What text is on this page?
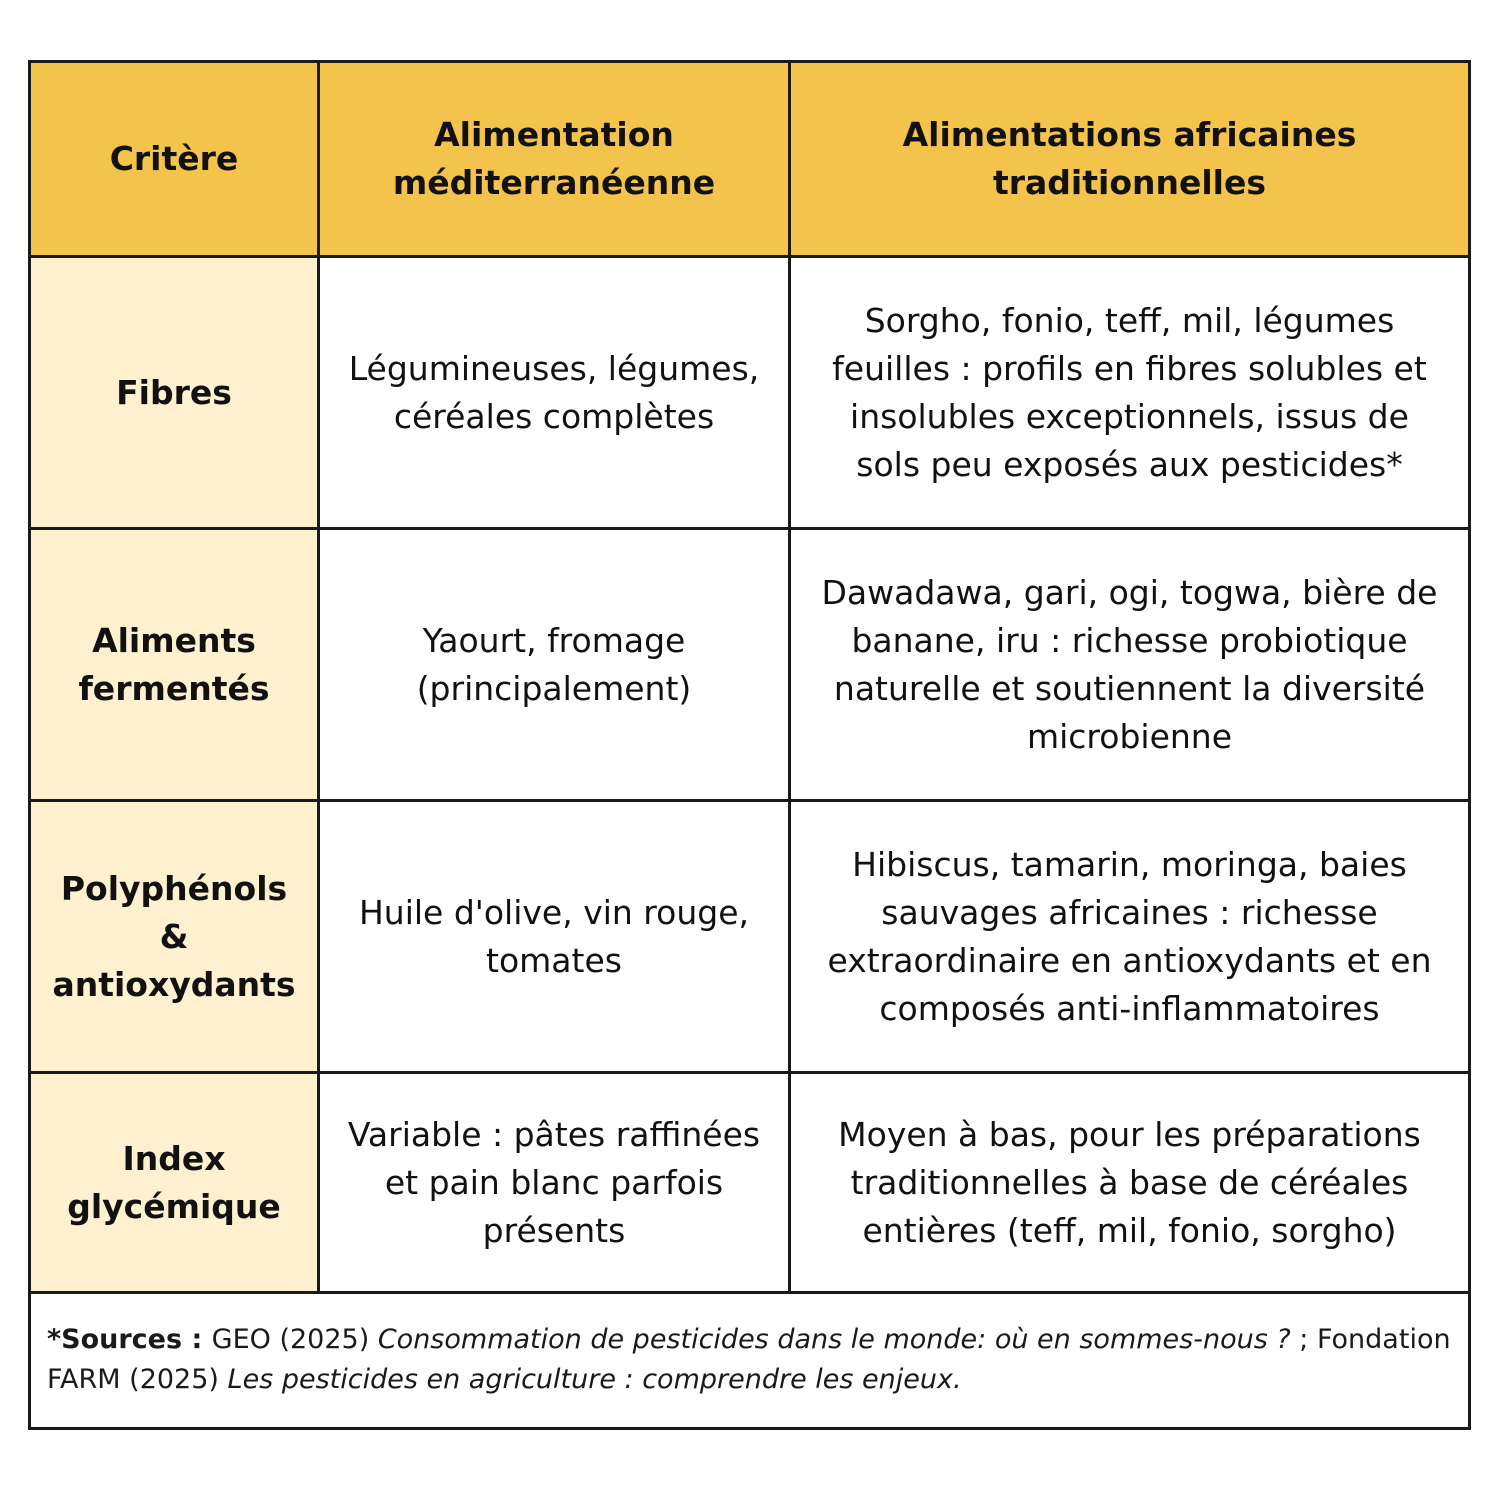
Critère
Alimentation méditerranéenne
Alimentations africaines traditionnelles
Fibres
Légumineuses, légumes, céréales complètes
Sorgho, fonio, teff, mil, légumes feuilles : profils en fibres solubles et insolubles exceptionnels, issus de sols peu exposés aux pesticides*
Aliments fermentés
Yaourt, fromage (principalement)
Dawadawa, gari, ogi, togwa, bière de banane, iru : richesse probiotique naturelle et soutiennent la diversité microbienne
Polyphénols & antioxydants
Huile d'olive, vin rouge, tomates
Hibiscus, tamarin, moringa, baies sauvages africaines : richesse extraordinaire en antioxydants et en composés anti-inflammatoires
Index glycémique
Variable : pâtes raffinées et pain blanc parfois présents
Moyen à bas, pour les préparations traditionnelles à base de céréales entières (teff, mil, fonio, sorgho)
*Sources : GEO (2025) Consommation de pesticides dans le monde: où en sommes-nous ? ; Fondation FARM (2025) Les pesticides en agriculture : comprendre les enjeux.
